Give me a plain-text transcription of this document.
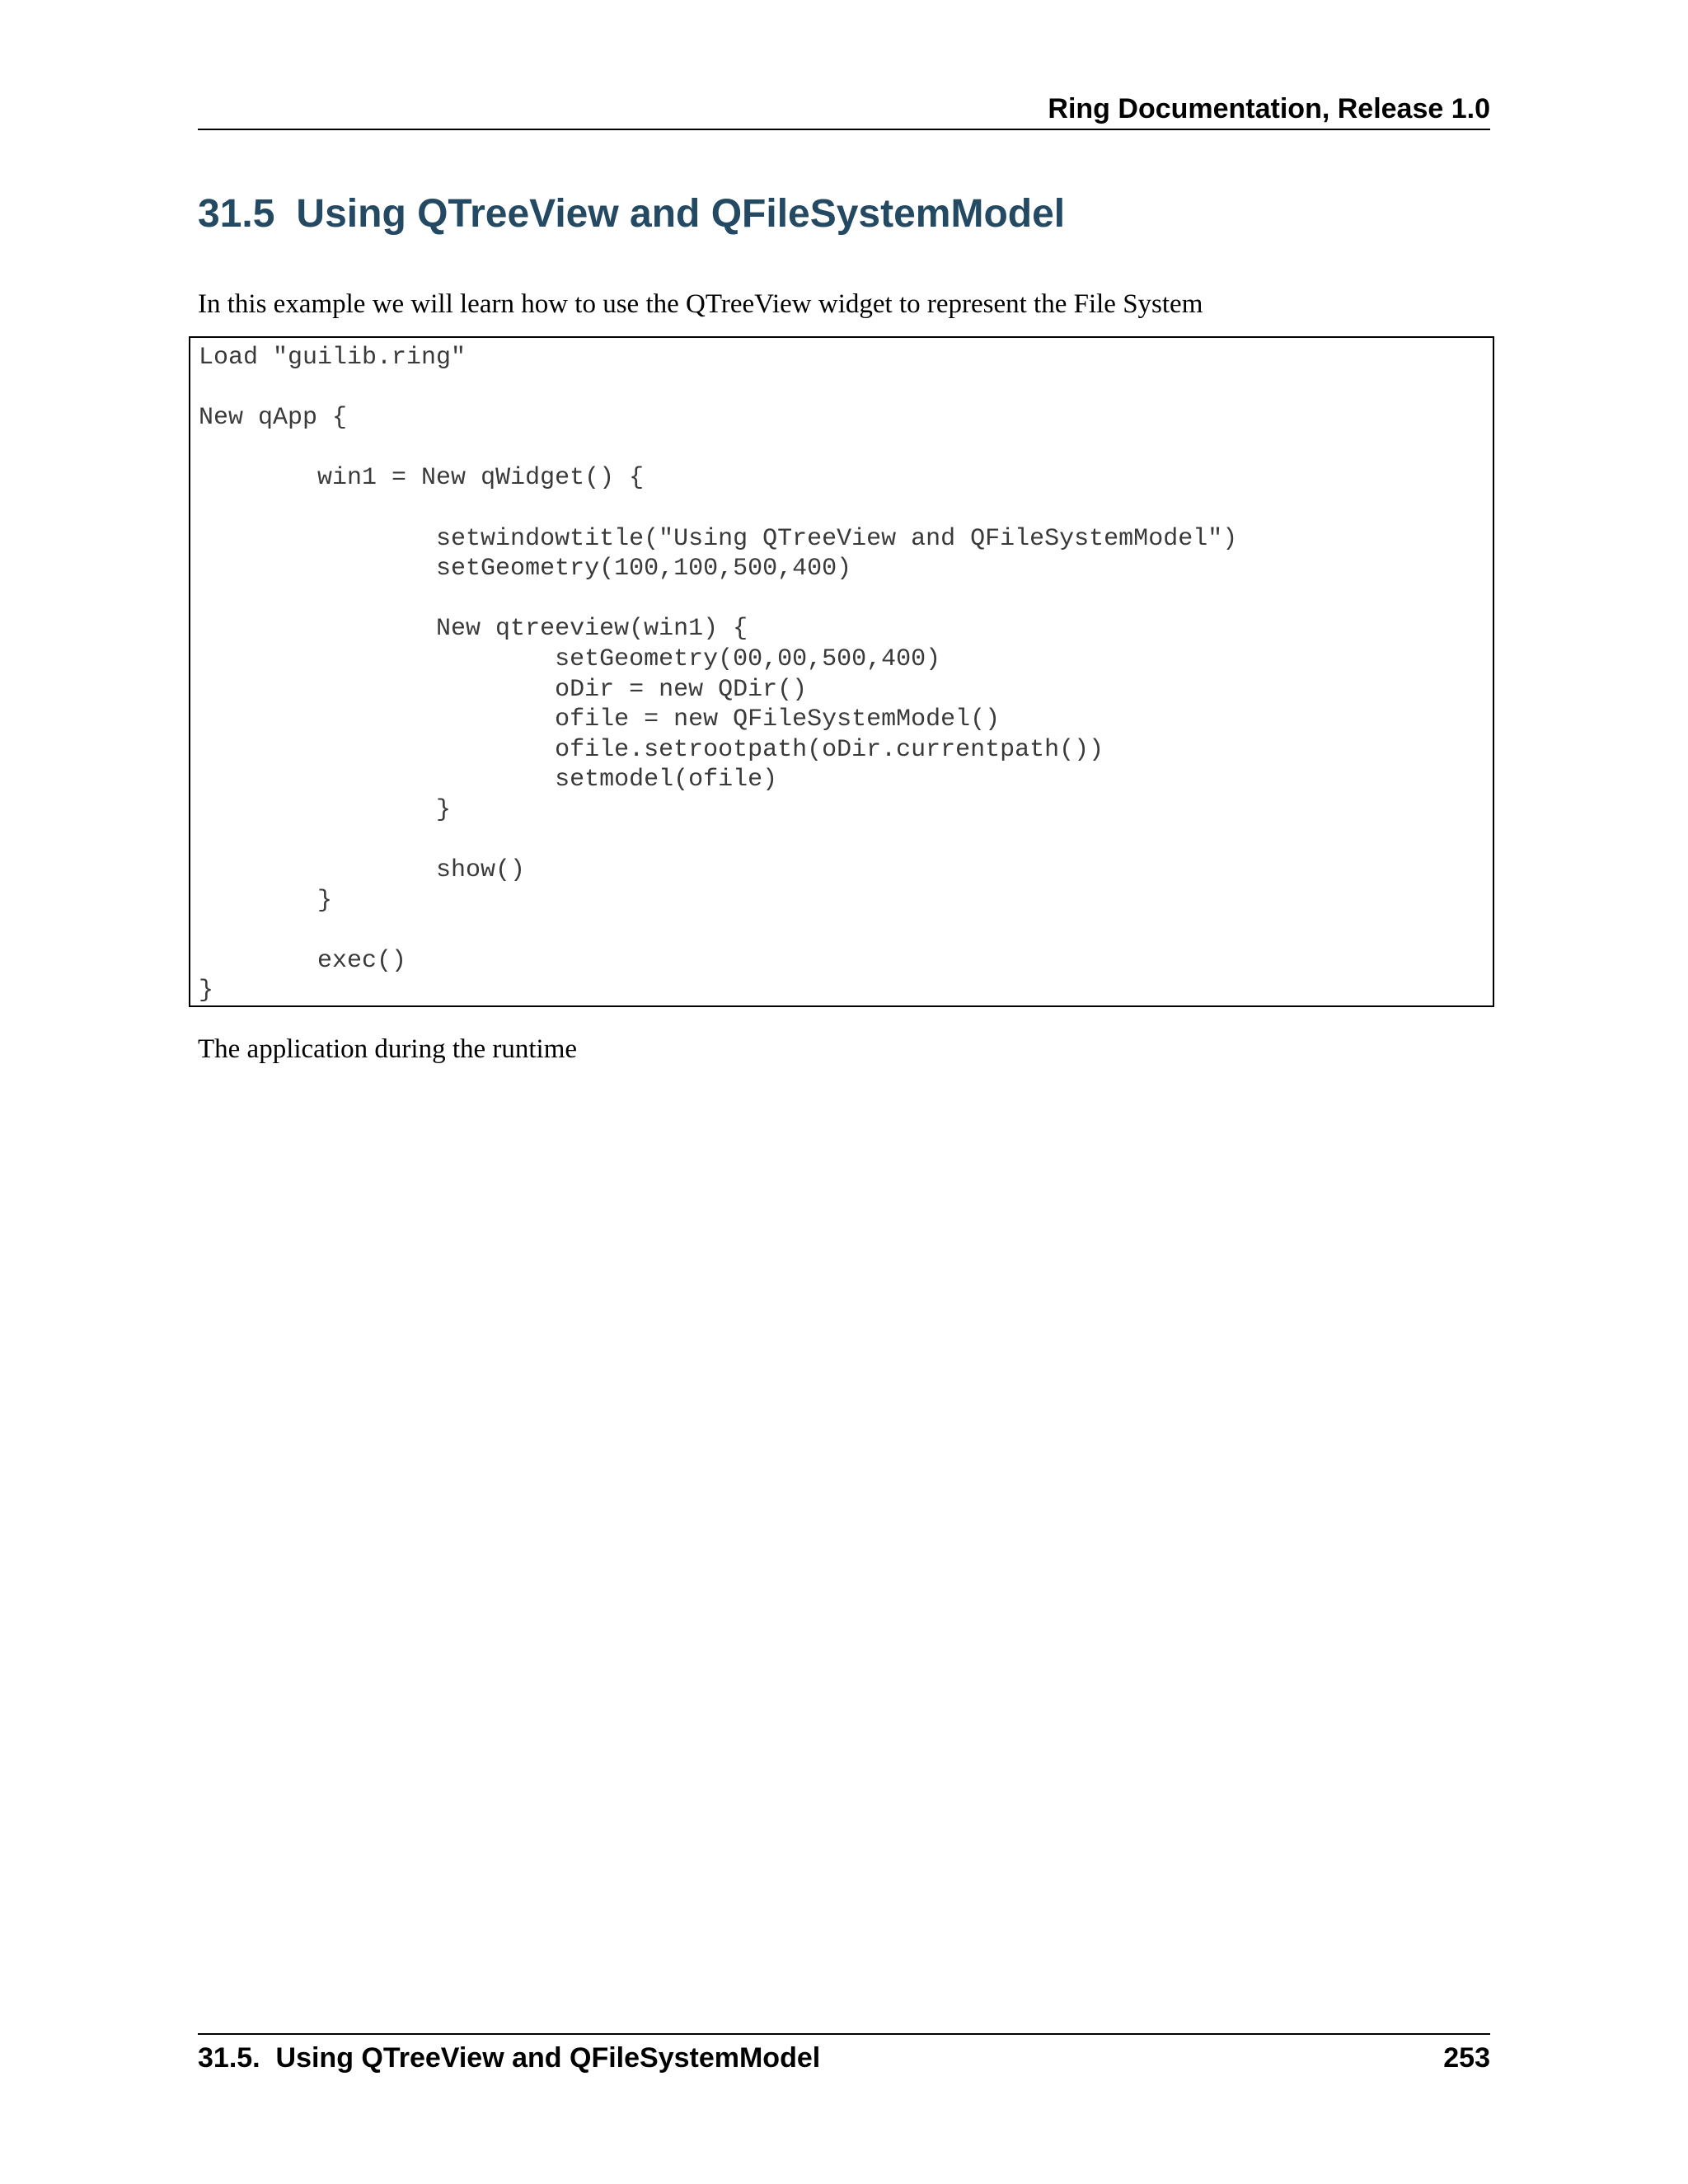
Ring Documentation, Release 1.0
31.5 Using QTreeView and QFileSystemModel

In this example we will learn how to use the QTreeView widget to represent the File System

Load "guilib.ring"

New qApp {

	win1 = New qWidget() {

		setwindowtitle("Using QTreeView and QFileSystemModel")
		setGeometry(100,100,500,400)

		New qtreeview(win1) {
			setGeometry(00,00,500,400)
			oDir = new QDir()
			ofile = new QFileSystemModel()
			ofile.setrootpath(oDir.currentpath())
			setmodel(ofile)
		}

		show()
	}

	exec()
}

The application during the runtime

31.5.  Using QTreeView and QFileSystemModel	253
